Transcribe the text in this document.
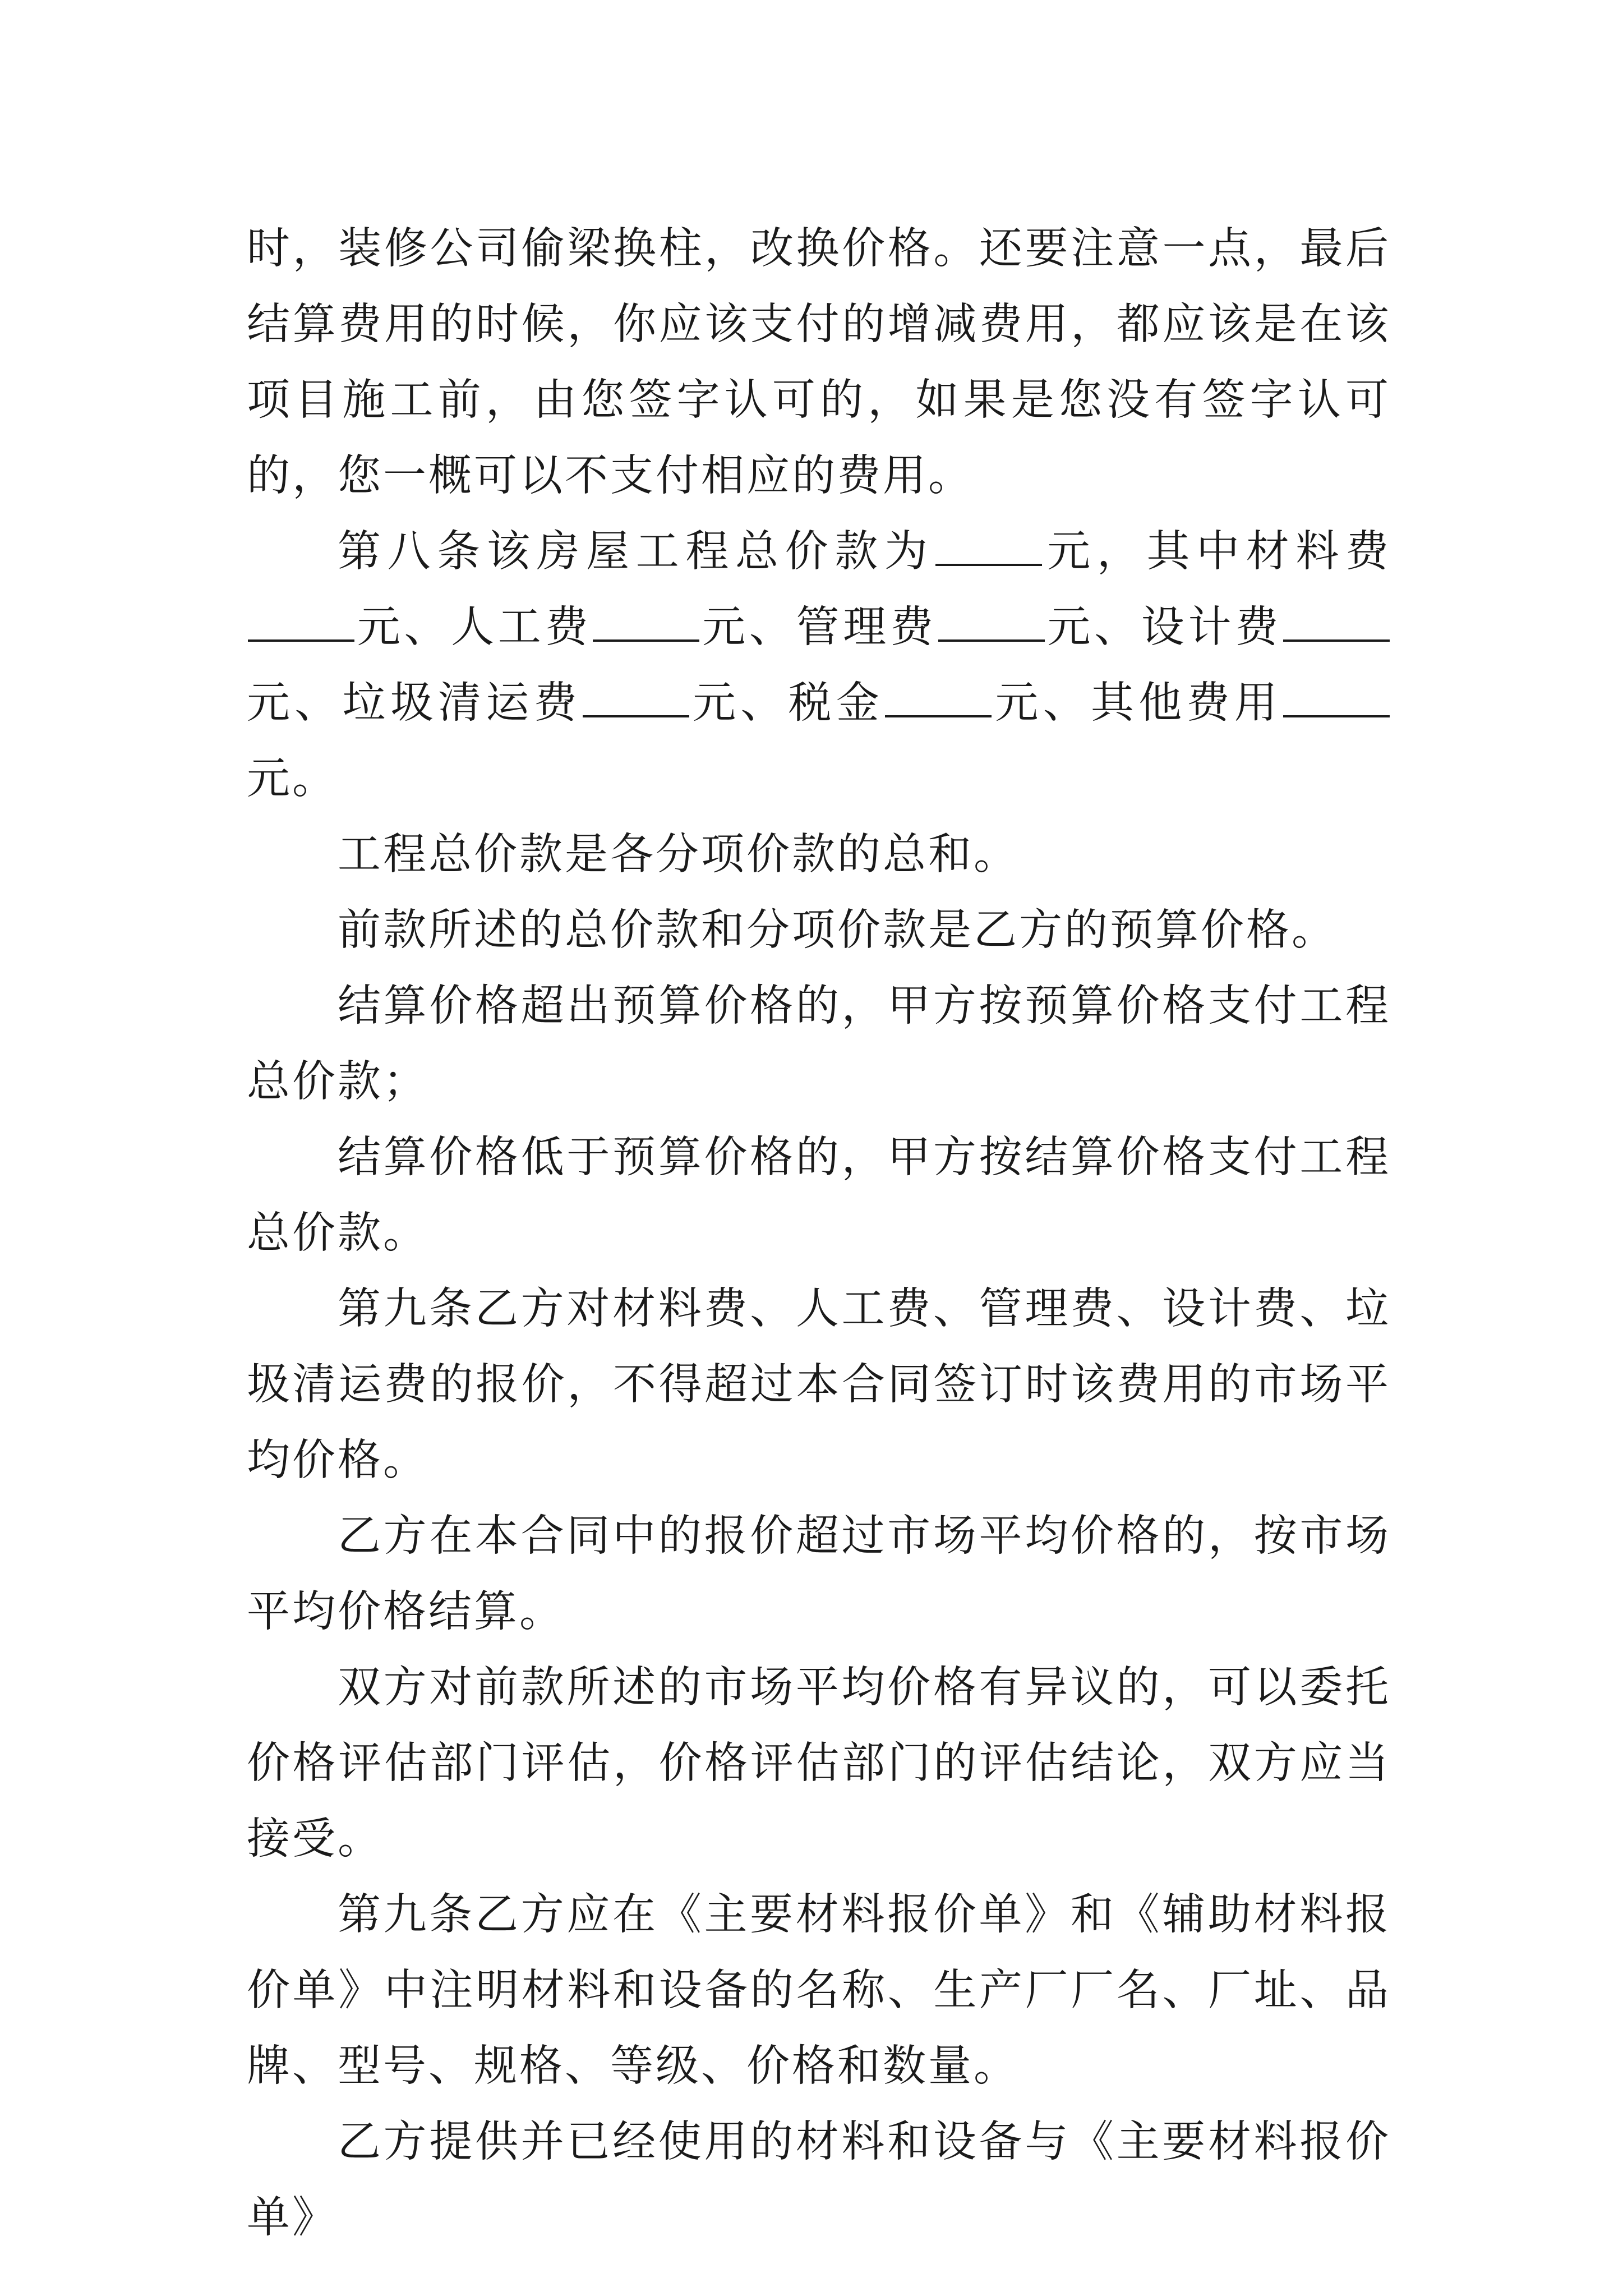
时，装修公司偷梁换柱，改换价格。还要注意一点，最后结算费用的时候，你应该支付的增减费用，都应该是在该项目施工前，由您签字认可的，如果是您没有签字认可的，您一概可以不支付相应的费用。

第八条该房屋工程总价款为	元，其中材料费元、人工费	元、管理费	元、设计费元、垃圾清运费	元、税金	元、其他费用元。

工程总价款是各分项价款的总和。

前款所述的总价款和分项价款是乙方的预算价格。

结算价格超出预算价格的，甲方按预算价格支付工程总价款；

结算价格低于预算价格的，甲方按结算价格支付工程总价款。

第九条乙方对材料费、人工费、管理费、设计费、垃圾清运费的报价，不得超过本合同签订时该费用的市场平均价格。

乙方在本合同中的报价超过市场平均价格的，按市场平均价格结算。

双方对前款所述的市场平均价格有异议的，可以委托价格评估部门评估，价格评估部门的评估结论，双方应当接受。

第九条乙方应在《主要材料报价单》和《辅助材料报价单》中注明材料和设备的名称、生产厂厂名、厂址、品牌、型号、规格、等级、价格和数量。

乙方提供并已经使用的材料和设备与《主要材料报价单》
